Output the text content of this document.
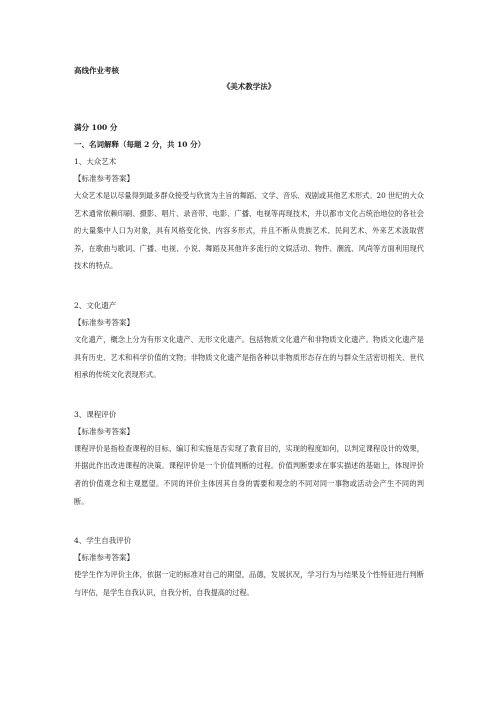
高线作业考核
《美术教学法》
满分 100 分
一、名词解释（每题 2 分，共 10 分）
1、大众艺术
【标准参考答案】

大众艺术是以尽量得到最多群众接受与欣赏为主旨的舞蹈、文学、音乐、戏剧或其他艺术形式。20 世纪的大众艺术通常依赖印刷、摄影、唱片、录音带、电影、广播、电视等再现技术，并以都市文化占统治地位的各社会的大量集中人口为对象，具有风格变化快、内容多形式，并且不断从贵族艺术、民间艺术、外来艺术汲取营养，在歌曲与歌词、广播、电视、小说、舞蹈及其他许多流行的文娱活动、物件、潮流、风尚等方面利用现代技术的特点。

2、文化遗产
【标准参考答案】

文化遗产，概念上分为有形文化遗产、无形文化遗产。包括物质文化遗产和非物质文化遗产。物质文化遗产是具有历史、艺术和科学价值的文物；非物质文化遗产是指各种以非物质形态存在的与群众生活密切相关、世代相承的传统文化表现形式。

3、课程评价
【标准参考答案】

课程评价是指检查课程的目标、编订和实施是否实现了教育目的，实现的程度如何，以判定课程设计的效果，并据此作出改进课程的决策。课程评价是一个价值判断的过程。价值判断要求在事实描述的基础上，体现评价者的价值观念和主观愿望。不同的评价主体因其自身的需要和观念的不同对同一事物或活动会产生不同的判断。

4、学生自我评价
【标准参考答案】

使学生作为评价主体，依据一定的标准对自己的期望，品德，发展状况，学习行为与结果及个性特征进行判断与评估，是学生自我认识，自我分析，自我提高的过程。
